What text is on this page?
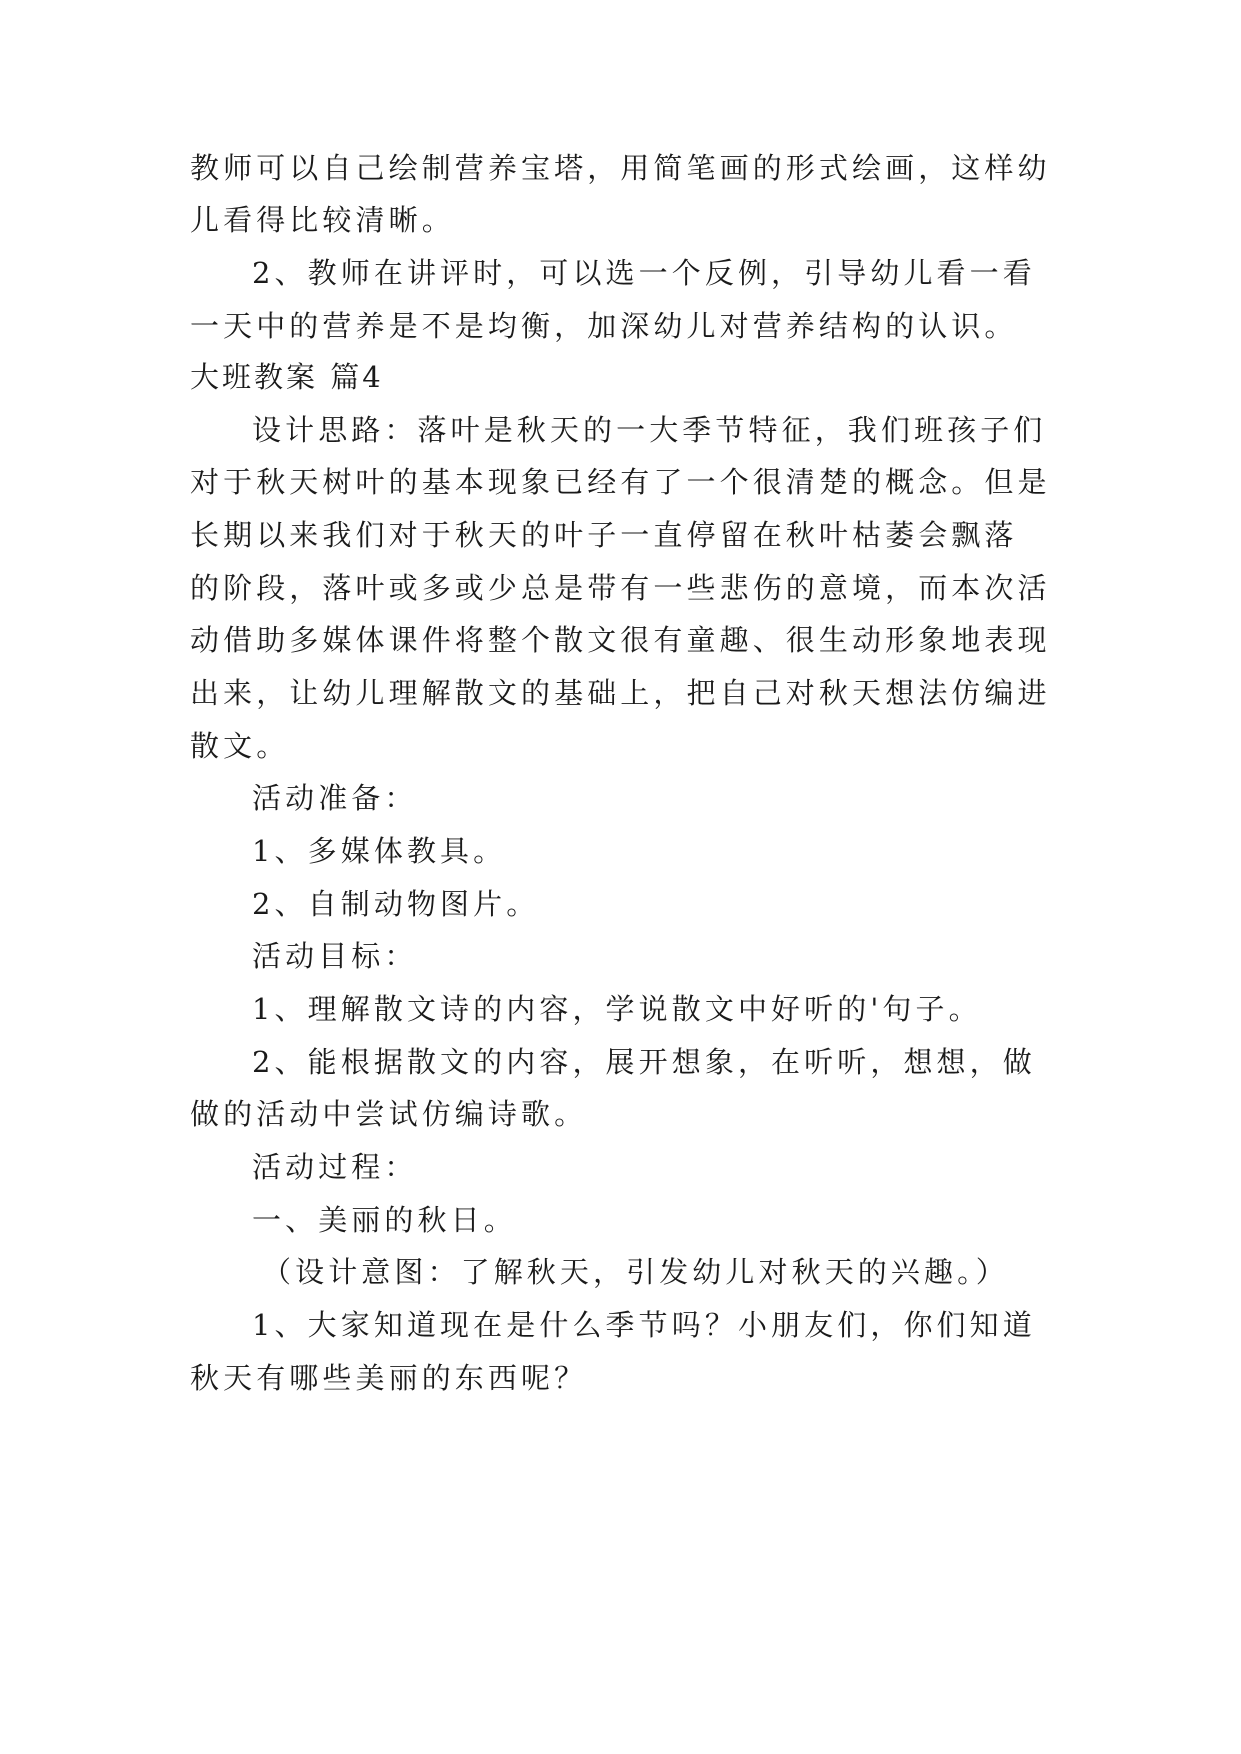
教师可以自己绘制营养宝塔，用简笔画的形式绘画，这样幼
儿看得比较清晰。
2、教师在讲评时，可以选一个反例，引导幼儿看一看
一天中的营养是不是均衡，加深幼儿对营养结构的认识。
大班教案 篇4
设计思路：落叶是秋天的一大季节特征，我们班孩子们
对于秋天树叶的基本现象已经有了一个很清楚的概念。但是
长期以来我们对于秋天的叶子一直停留在秋叶枯萎会飘落
的阶段，落叶或多或少总是带有一些悲伤的意境，而本次活
动借助多媒体课件将整个散文很有童趣、很生动形象地表现
出来，让幼儿理解散文的基础上，把自己对秋天想法仿编进
散文。
活动准备：
1、多媒体教具。
2、自制动物图片。
活动目标：
1、理解散文诗的内容，学说散文中好听的'句子。
2、能根据散文的内容，展开想象，在听听，想想，做
做的活动中尝试仿编诗歌。
活动过程：
一、美丽的秋日。
（设计意图：了解秋天，引发幼儿对秋天的兴趣。）
1、大家知道现在是什么季节吗？小朋友们，你们知道
秋天有哪些美丽的东西呢？
